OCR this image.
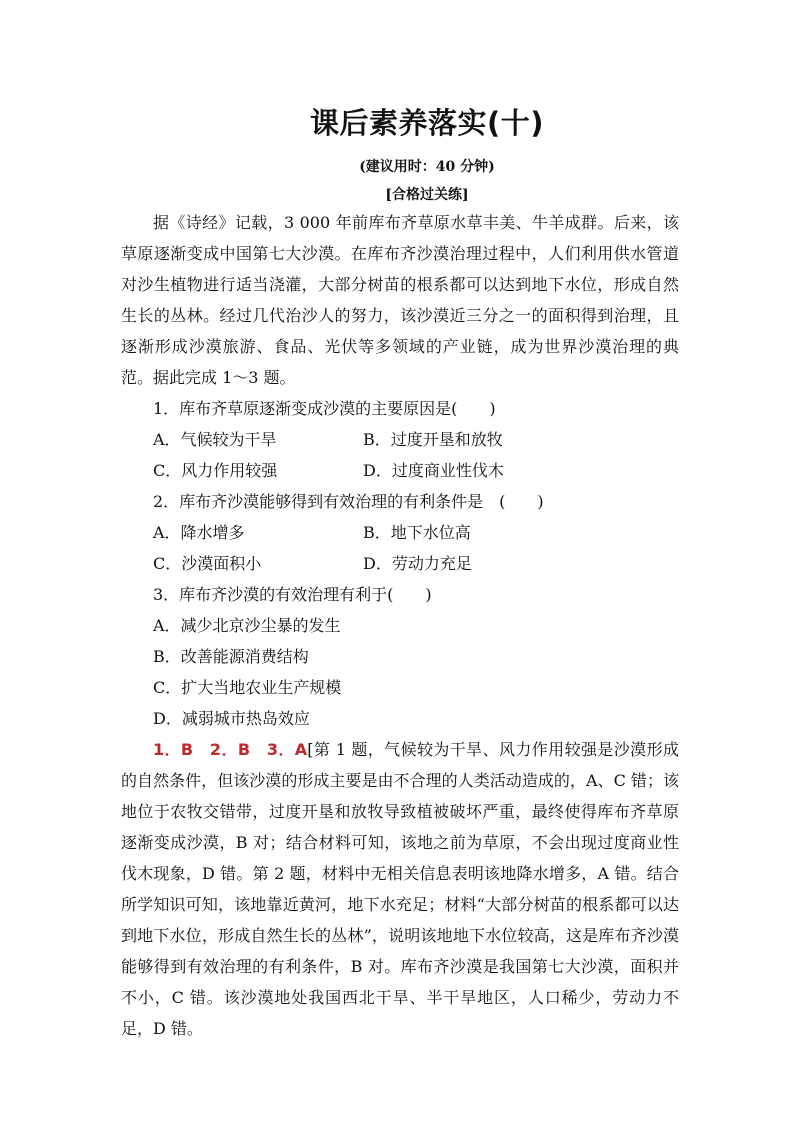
课后素养落实(十)
(建议用时：40 分钟)
[合格过关练]

据《诗经》记载，3 000 年前库布齐草原水草丰美、牛羊成群。后来，该草原逐渐变成中国第七大沙漠。在库布齐沙漠治理过程中，人们利用供水管道对沙生植物进行适当浇灌，大部分树苗的根系都可以达到地下水位，形成自然生长的丛林。经过几代治沙人的努力，该沙漠近三分之一的面积得到治理，且逐渐形成沙漠旅游、食品、光伏等多领域的产业链，成为世界沙漠治理的典范。据此完成 1～3 题。

1．库布齐草原逐渐变成沙漠的主要原因是(　　)

A．气候较为干旱	B．过度开垦和放牧
C．风力作用较强	D．过度商业性伐木

2．库布齐沙漠能够得到有效治理的有利条件是　(　　)

A．降水增多	B．地下水位高
C．沙漠面积小	D．劳动力充足

3．库布齐沙漠的有效治理有利于(　　)

A．减少北京沙尘暴的发生
B．改善能源消费结构
C．扩大当地农业生产规模
D．减弱城市热岛效应

1．B　2．B　3．A[第 1 题，气候较为干旱、风力作用较强是沙漠形成的自然条件，但该沙漠的形成主要是由不合理的人类活动造成的，A、C 错；该地位于农牧交错带，过度开垦和放牧导致植被破坏严重，最终使得库布齐草原逐渐变成沙漠，B 对；结合材料可知，该地之前为草原，不会出现过度商业性伐木现象，D 错。第 2 题，材料中无相关信息表明该地降水增多，A 错。结合所学知识可知，该地靠近黄河，地下水充足；材料“大部分树苗的根系都可以达到地下水位，形成自然生长的丛林”，说明该地地下水位较高，这是库布齐沙漠能够得到有效治理的有利条件，B 对。库布齐沙漠是我国第七大沙漠，面积并不小，C 错。该沙漠地处我国西北干旱、半干旱地区，人口稀少，劳动力不足，D 错。
